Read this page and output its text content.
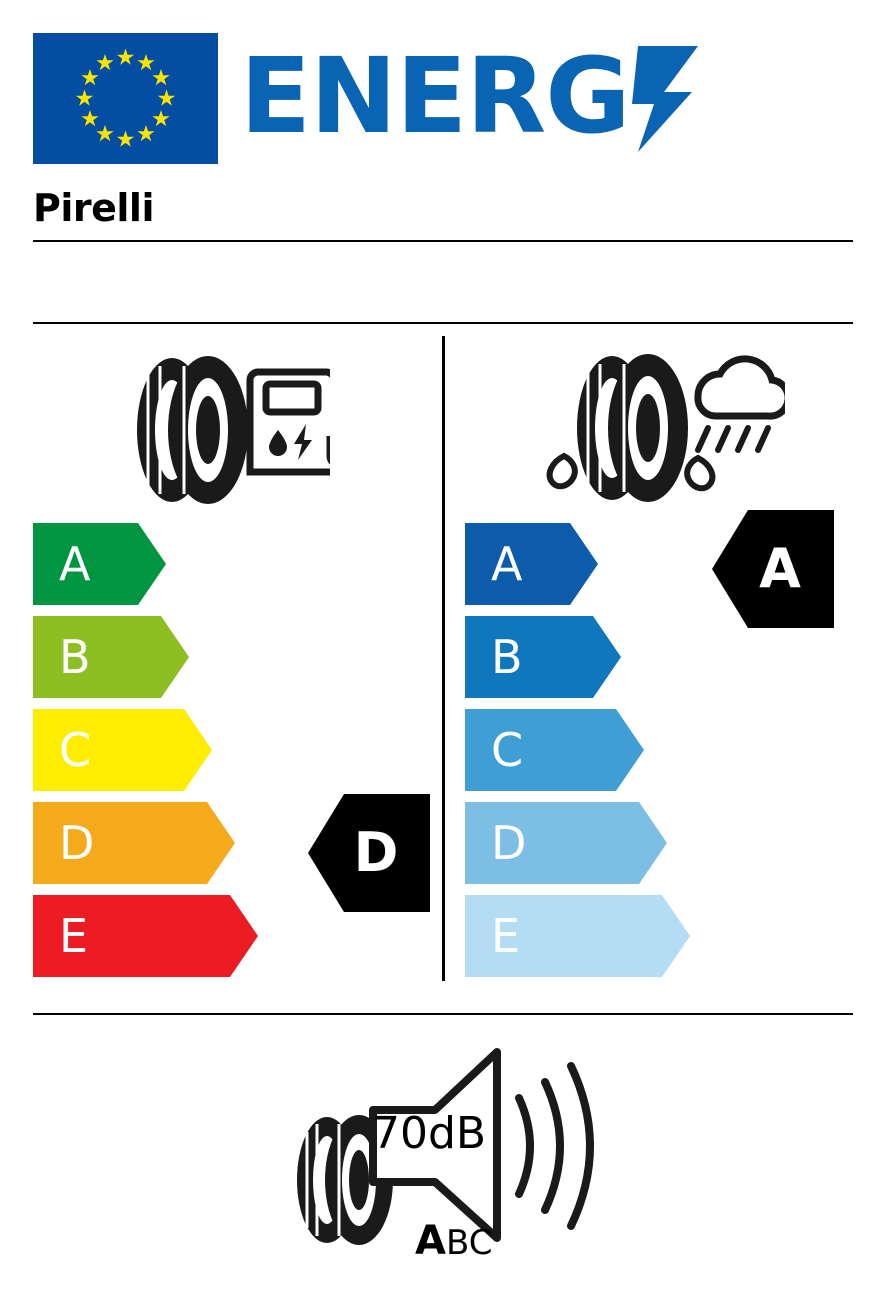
ENERG
Pirelli
A
B
C
D
E
A
B
C
D
E
D
A
70dB
ABC
